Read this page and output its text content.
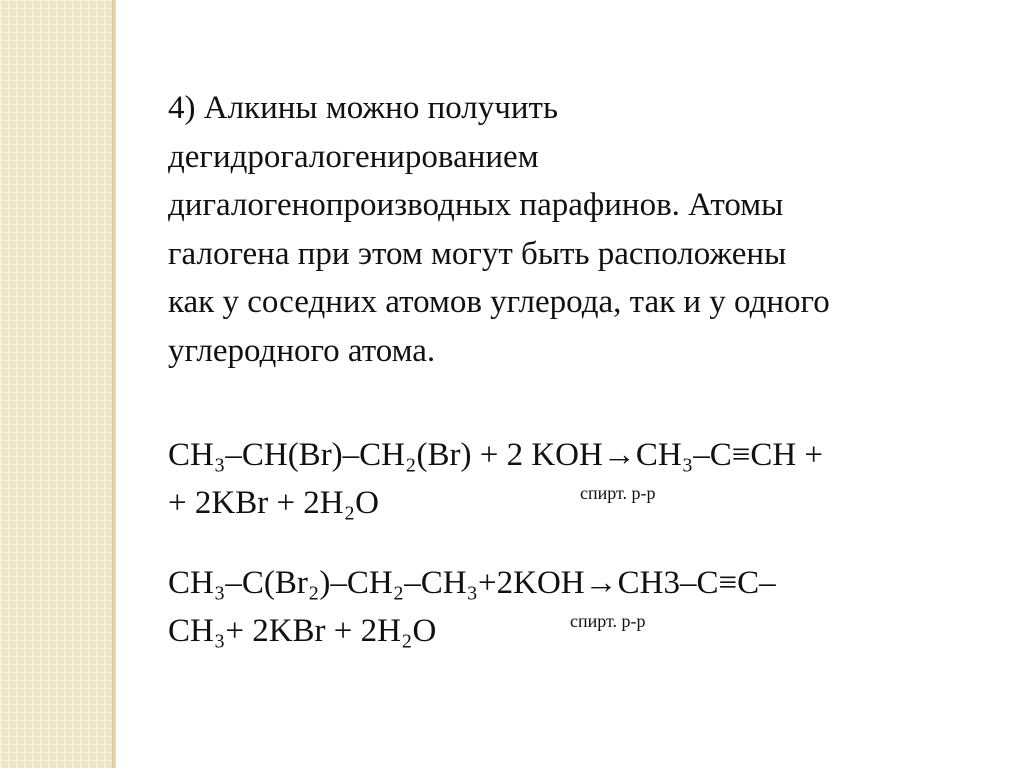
4) Алкины можно получить
дегидрогалогенированием
дигалогенопроизводных парафинов. Атомы
галогена при этом могут быть расположены
как у соседних атомов углерода, так и у одного
углеродного атома.

CH₃–CH(Br)–CH₂(Br) + 2 KOH→CH₃–C≡CH +
+ 2KBr + 2H₂O	спирт. р-р
CH₃–C(Br₂)–CH₂–CH₃+2KOH→CH3–C≡C–
CH₃+ 2KBr + 2H₂O	спирт. р-р
